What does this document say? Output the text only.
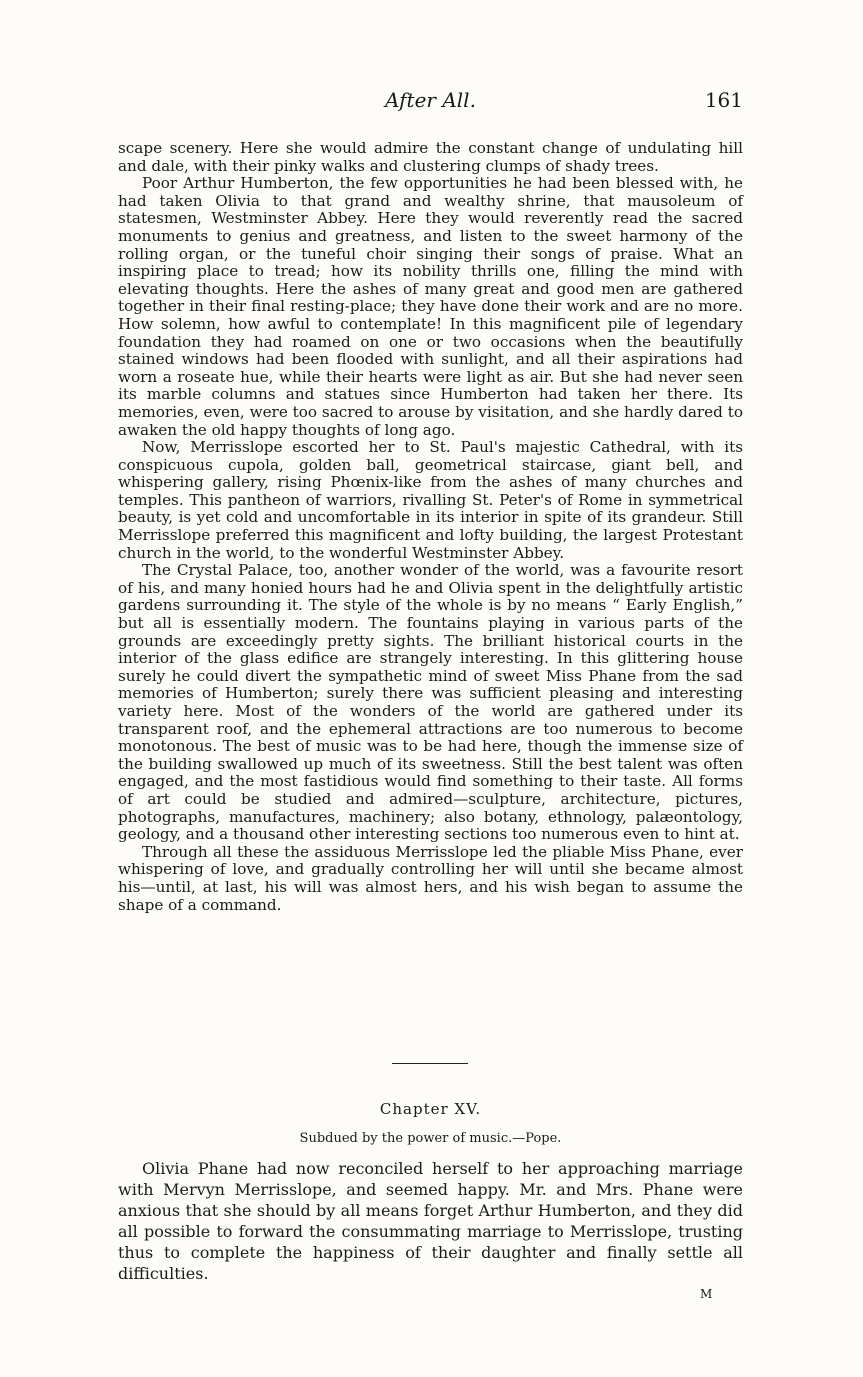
After All.	161

scape scenery. Here she would admire the constant change of undulating hill and dale, with their pinky walks and clustering clumps of shady trees.

Poor Arthur Humberton, the few opportunities he had been blessed with, he had taken Olivia to that grand and wealthy shrine, that mausoleum of statesmen, Westminster Abbey. Here they would reverently read the sacred monuments to genius and greatness, and listen to the sweet harmony of the rolling organ, or the tuneful choir singing their songs of praise. What an inspiring place to tread; how its nobility thrills one, filling the mind with elevating thoughts. Here the ashes of many great and good men are gathered together in their final resting-place; they have done their work and are no more. How solemn, how awful to contemplate! In this magnificent pile of legendary foundation they had roamed on one or two occasions when the beautifully stained windows had been flooded with sunlight, and all their aspirations had worn a roseate hue, while their hearts were light as air. But she had never seen its marble columns and statues since Humberton had taken her there. Its memories, even, were too sacred to arouse by visitation, and she hardly dared to awaken the old happy thoughts of long ago.

Now, Merrisslope escorted her to St. Paul's majestic Cathedral, with its conspicuous cupola, golden ball, geometrical staircase, giant bell, and whispering gallery, rising Phœnix-like from the ashes of many churches and temples. This pantheon of warriors, rivalling St. Peter's of Rome in symmetrical beauty, is yet cold and uncomfortable in its interior in spite of its grandeur. Still Merrisslope preferred this magnificent and lofty building, the largest Protestant church in the world, to the wonderful Westminster Abbey.

The Crystal Palace, too, another wonder of the world, was a favourite resort of his, and many honied hours had he and Olivia spent in the delightfully artistic gardens surrounding it. The style of the whole is by no means “ Early English,” but all is essentially modern. The fountains playing in various parts of the grounds are exceedingly pretty sights. The brilliant historical courts in the interior of the glass edifice are strangely interesting. In this glittering house surely he could divert the sympathetic mind of sweet Miss Phane from the sad memories of Humberton; surely there was sufficient pleasing and interesting variety here. Most of the wonders of the world are gathered under its transparent roof, and the ephemeral attractions are too numerous to become monotonous. The best of music was to be had here, though the immense size of the building swallowed up much of its sweetness. Still the best talent was often engaged, and the most fastidious would find something to their taste. All forms of art could be studied and admired—sculpture, architecture, pictures, photographs, manufactures, machinery; also botany, ethnology, palæontology, geology, and a thousand other interesting sections too numerous even to hint at.

Through all these the assiduous Merrisslope led the pliable Miss Phane, ever whispering of love, and gradually controlling her will until she became almost his—until, at last, his will was almost hers, and his wish began to assume the shape of a command.

Chapter XV.
Subdued by the power of music.—Pope.

Olivia Phane had now reconciled herself to her approaching marriage with Mervyn Merrisslope, and seemed happy. Mr. and Mrs. Phane were anxious that she should by all means forget Arthur Humberton, and they did all possible to forward the consummating marriage to Merrisslope, trusting thus to complete the happiness of their daughter and finally settle all difficulties.

M
